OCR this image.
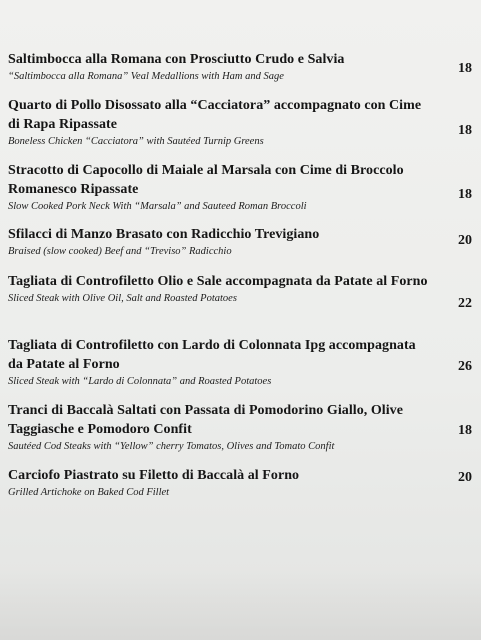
Saltimbocca alla Romana con Prosciutto Crudo e Salvia
“Saltimbocca alla Romana” Veal Medallions with Ham and Sage
18
Quarto di Pollo Disossato alla “Cacciatora” accompagnato con Cime di Rapa Ripassate
Boneless Chicken “Cacciatora” with Sautéed Turnip Greens
18
Stracotto di Capocollo di Maiale al Marsala con Cime di Broccolo Romanesco Ripassate
Slow Cooked Pork Neck With “Marsala” and Sauteed Roman Broccoli
18
Sfilacci di Manzo Brasato con Radicchio Trevigiano
Braised (slow cooked) Beef and “Treviso” Radicchio
20
Tagliata di Controfiletto Olio e Sale accompagnata da Patate al Forno
Sliced Steak with Olive Oil, Salt and Roasted Potatoes	22
Tagliata di Controfiletto con Lardo di Colonnata Ipg accompagnata da Patate al Forno
Sliced Steak with “Lardo di Colonnata” and Roasted Potatoes
26
Tranci di Baccalà Saltati con Passata di Pomodorino Giallo, Olive Taggiasche e Pomodoro Confit
Sautéed Cod Steaks with “Yellow” cherry Tomatos, Olives and Tomato Confit
18
Carciofo Piastrato su Filetto di Baccalà al Forno
Grilled Artichoke on Baked Cod Fillet
20
